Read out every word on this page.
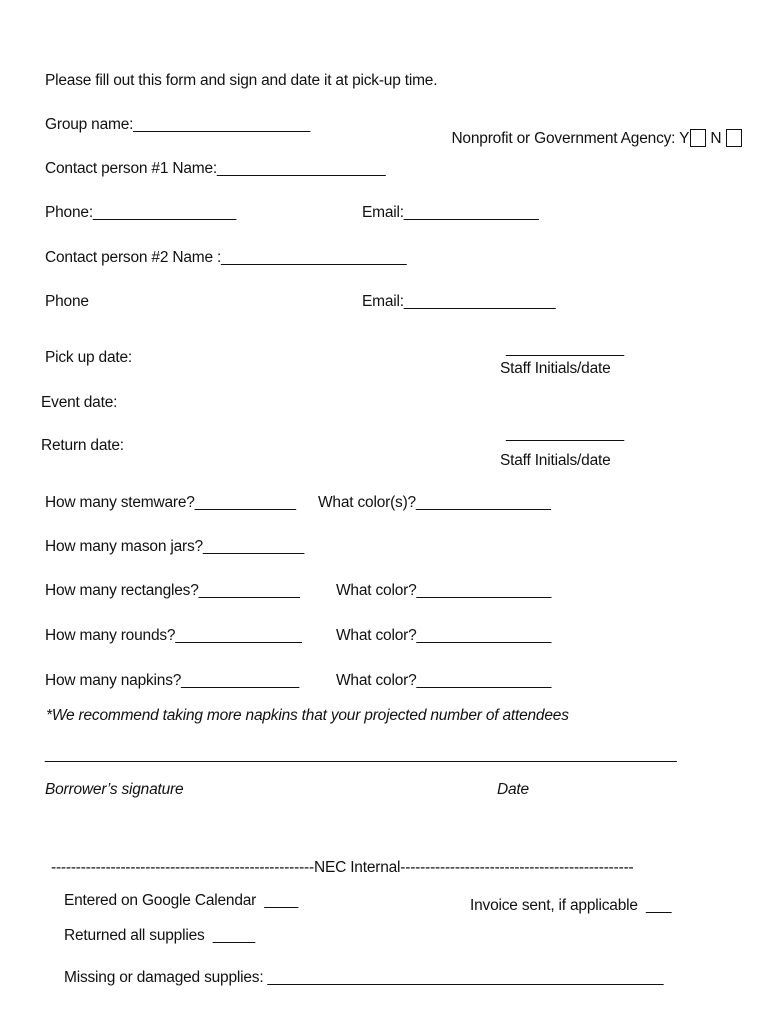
Please fill out this form and sign and date it at pick-up time.
Group name:_____________________

Nonprofit or Government Agency: Y N

Contact person #1 Name:____________________
Phone:_________________	Email:________________
Contact person #2 Name :______________________
Phone	Email:__________________
Pick up date:
______________
Staff Initials/date
Event date:
Return date:
______________
Staff Initials/date
How many stemware?____________ What color(s)?________________
How many mason jars?____________
How many rectangles?____________ What color?________________
How many rounds?_______________ What color?________________
How many napkins?______________ What color?________________
*We recommend taking more napkins that your projected number of attendees
___________________________________________________________________________
Borrower’s signature	Date
-----------------------------------------------------NEC Internal-----------------------------------------------
Entered on Google Calendar  ____	Invoice sent, if applicable  ___
Returned all supplies  _____
Missing or damaged supplies: _______________________________________________
